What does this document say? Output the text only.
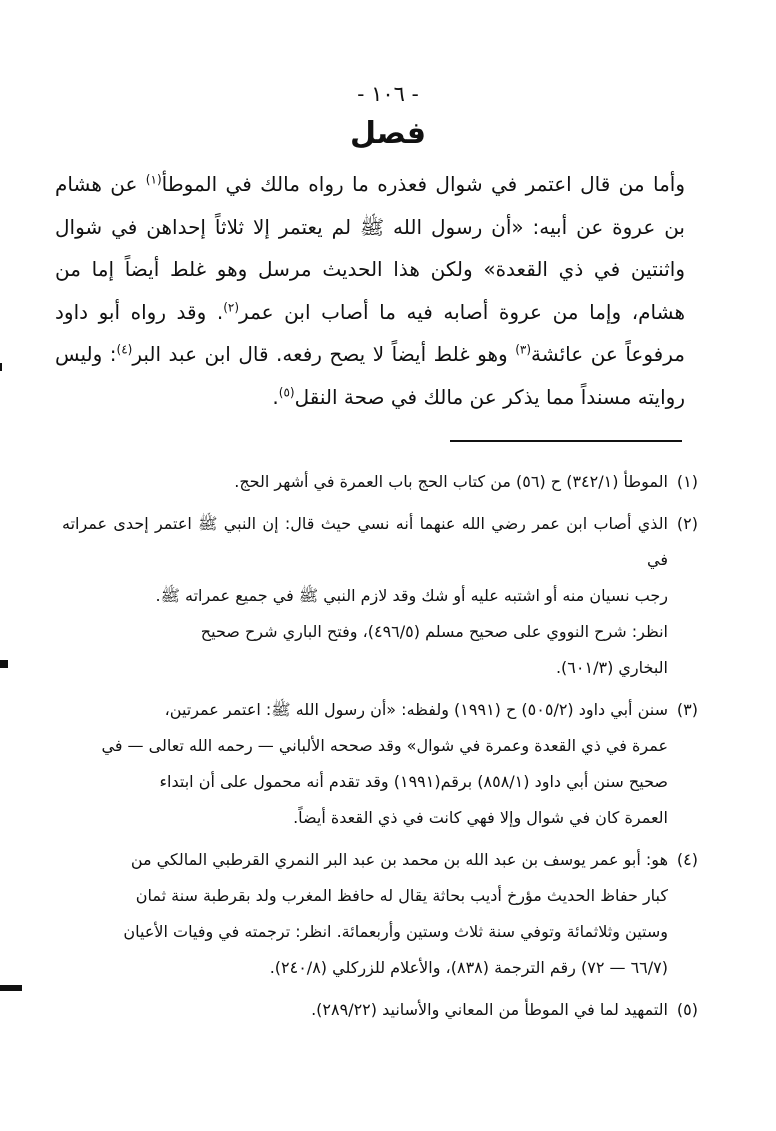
- ١٠٦ -
فصل

وأما من قال اعتمر في شوال فعذره ما رواه مالك في الموطأ$^{(١)}$ عن هشام بن عروة عن أبيه: «أن رسول الله ﷺ لم يعتمر إلا ثلاثاً إحداهن في شوال واثنتين في ذي القعدة» ولكن هذا الحديث مرسل وهو غلط أيضاً إما من هشام، وإما من عروة أصابه فيه ما أصاب ابن عمر$^{(٢)}$. وقد رواه أبو داود مرفوعاً عن عائشة$^{(٣)}$ وهو غلط أيضاً لا يصح رفعه. قال ابن عبد البر$^{(٤)}$: وليس روايته مسنداً مما يذكر عن مالك في صحة النقل$^{(٥)}$.

(١)
الموطأ (٣٤٢/١) ح (٥٦) من كتاب الحج باب العمرة في أشهر الحج.
(٢)
الذي أصاب ابن عمر رضي الله عنهما أنه نسي حيث قال: إن النبي ﷺ اعتمر إحدى عمراته في
رجب نسيان منه أو اشتبه عليه أو شك وقد لازم النبي ﷺ في جميع عمراته ﷺ.
انظر: شرح النووي على صحيح مسلم (٤٩٦/٥)، وفتح الباري شرح صحيح
البخاري (٦٠١/٣).
(٣)
سنن أبي داود (٥٠٥/٢) ح (١٩٩١) ولفظه: «أن رسول الله ﷺ: اعتمر عمرتين،
عمرة في ذي القعدة وعمرة في شوال» وقد صححه الألباني — رحمه الله تعالى — في
صحيح سنن أبي داود (٨٥٨/١) برقم(١٩٩١) وقد تقدم أنه محمول على أن ابتداء
العمرة كان في شوال وإلا فهي كانت في ذي القعدة أيضاً.
(٤)
هو: أبو عمر يوسف بن عبد الله بن محمد بن عبد البر النمري القرطبي المالكي من
كبار حفاظ الحديث مؤرخ أديب بحاثة يقال له حافظ المغرب ولد بقرطبة سنة ثمان
وستين وثلاثمائة وتوفي سنة ثلاث وستين وأربعمائة. انظر: ترجمته في وفيات الأعيان
(٦٦/٧ — ٧٢) رقم الترجمة (٨٣٨)، والأعلام للزركلي (٢٤٠/٨).
(٥)
التمهيد لما في الموطأ من المعاني والأسانيد (٢٨٩/٢٢).
